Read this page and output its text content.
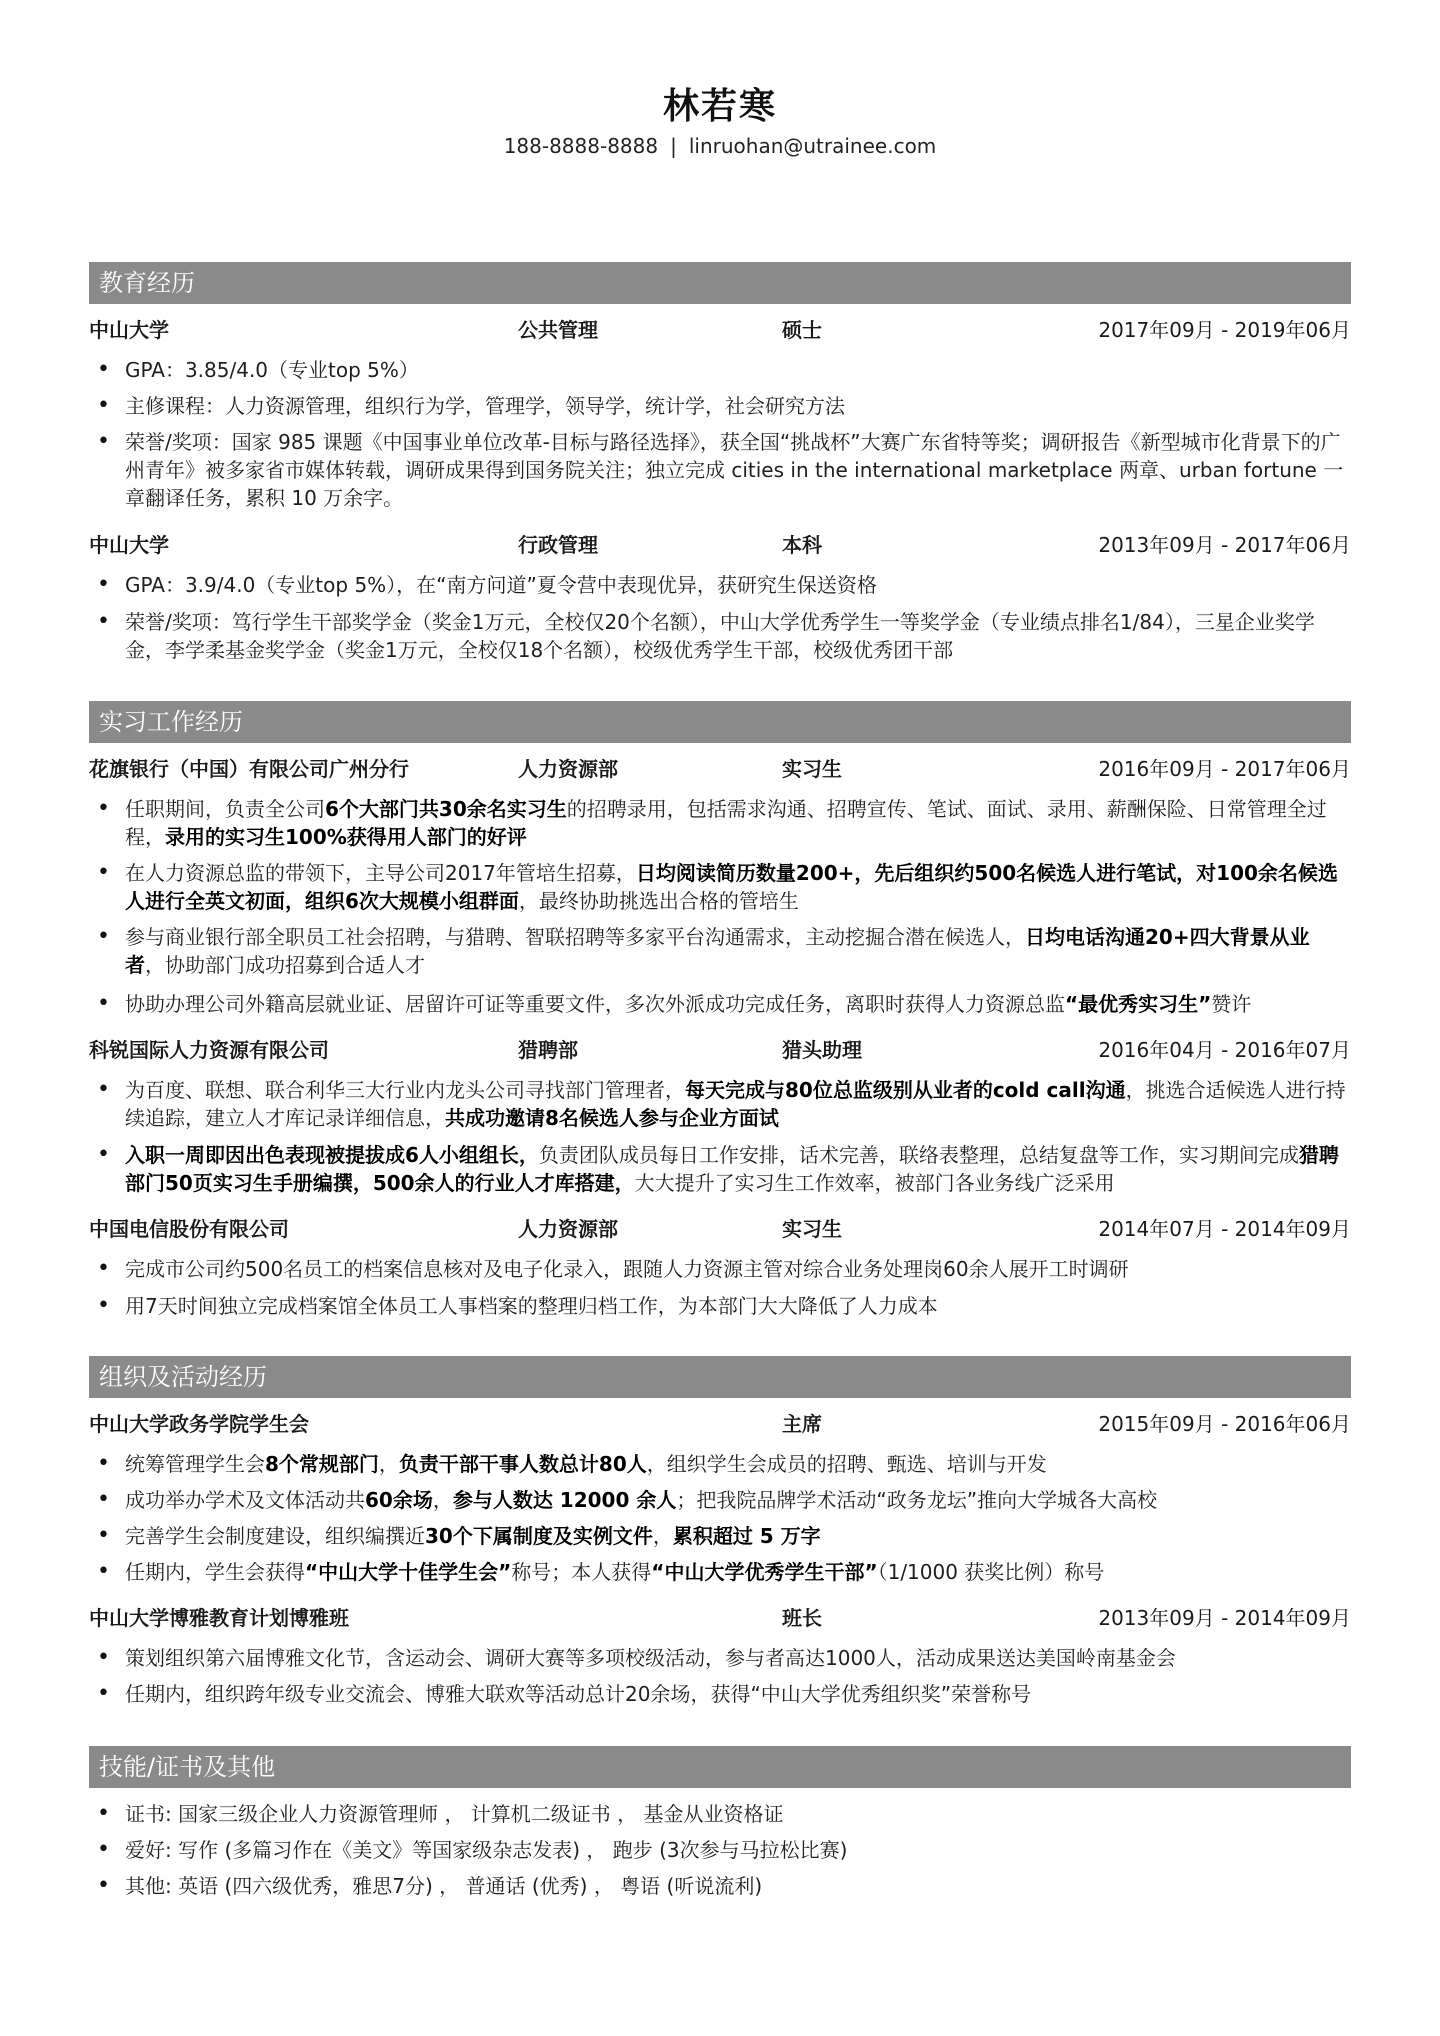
林若寒
188-8888-8888 | linruohan@utrainee.com
教育经历
中山大学	公共管理	硕士	2017年09月 - 2019年06月
• GPA：3.85/4.0（专业top 5%）
• 主修课程：人力资源管理，组织行为学，管理学，领导学，统计学，社会研究方法
• 荣誉/奖项：国家 985 课题《中国事业单位改革-目标与路径选择》，获全国“挑战杯”大赛广东省特等奖；调研报告《新型城市化背景下的广州青年》被多家省市媒体转载，调研成果得到国务院关注；独立完成 cities in the international marketplace 两章、urban fortune 一章翻译任务，累积 10 万余字。
中山大学	行政管理	本科	2013年09月 - 2017年06月
• GPA：3.9/4.0（专业top 5%），在“南方问道”夏令营中表现优异，获研究生保送资格
• 荣誉/奖项：笃行学生干部奖学金（奖金1万元，全校仅20个名额），中山大学优秀学生一等奖学金（专业绩点排名1/84），三星企业奖学金，李学柔基金奖学金（奖金1万元，全校仅18个名额），校级优秀学生干部，校级优秀团干部
实习工作经历
花旗银行（中国）有限公司广州分行	人力资源部	实习生	2016年09月 - 2017年06月
• 任职期间，负责全公司6个大部门共30余名实习生的招聘录用，包括需求沟通、招聘宣传、笔试、面试、录用、薪酬保险、日常管理全过程，录用的实习生100%获得用人部门的好评
• 在人力资源总监的带领下，主导公司2017年管培生招募，日均阅读简历数量200+，先后组织约500名候选人进行笔试，对100余名候选人进行全英文初面，组织6次大规模小组群面，最终协助挑选出合格的管培生
• 参与商业银行部全职员工社会招聘，与猎聘、智联招聘等多家平台沟通需求，主动挖掘合潜在候选人，日均电话沟通20+四大背景从业者，协助部门成功招募到合适人才
• 协助办理公司外籍高层就业证、居留许可证等重要文件，多次外派成功完成任务，离职时获得人力资源总监“最优秀实习生”赞许
科锐国际人力资源有限公司	猎聘部	猎头助理	2016年04月 - 2016年07月
• 为百度、联想、联合利华三大行业内龙头公司寻找部门管理者，每天完成与80位总监级别从业者的cold call沟通，挑选合适候选人进行持续追踪，建立人才库记录详细信息，共成功邀请8名候选人参与企业方面试
• 入职一周即因出色表现被提拔成6人小组组长，负责团队成员每日工作安排，话术完善，联络表整理，总结复盘等工作，实习期间完成猎聘部门50页实习生手册编撰，500余人的行业人才库搭建，大大提升了实习生工作效率，被部门各业务线广泛采用
中国电信股份有限公司	人力资源部	实习生	2014年07月 - 2014年09月
• 完成市公司约500名员工的档案信息核对及电子化录入，跟随人力资源主管对综合业务处理岗60余人展开工时调研
• 用7天时间独立完成档案馆全体员工人事档案的整理归档工作，为本部门大大降低了人力成本
组织及活动经历
中山大学政务学院学生会	主席	2015年09月 - 2016年06月
• 统筹管理学生会8个常规部门，负责干部干事人数总计80人，组织学生会成员的招聘、甄选、培训与开发
• 成功举办学术及文体活动共60余场，参与人数达 12000 余人；把我院品牌学术活动“政务龙坛”推向大学城各大高校
• 完善学生会制度建设，组织编撰近30个下属制度及实例文件，累积超过 5 万字
• 任期内，学生会获得“中山大学十佳学生会”称号；本人获得“中山大学优秀学生干部”（1/1000 获奖比例）称号
中山大学博雅教育计划博雅班	班长	2013年09月 - 2014年09月
• 策划组织第六届博雅文化节，含运动会、调研大赛等多项校级活动，参与者高达1000人，活动成果送达美国岭南基金会
• 任期内，组织跨年级专业交流会、博雅大联欢等活动总计20余场，获得“中山大学优秀组织奖”荣誉称号
技能/证书及其他
• 证书: 国家三级企业人力资源管理师 ， 计算机二级证书 ， 基金从业资格证
• 爱好: 写作 (多篇习作在《美文》等国家级杂志发表) ， 跑步 (3次参与马拉松比赛)
• 其他: 英语 (四六级优秀，雅思7分) ， 普通话 (优秀) ， 粤语 (听说流利)
